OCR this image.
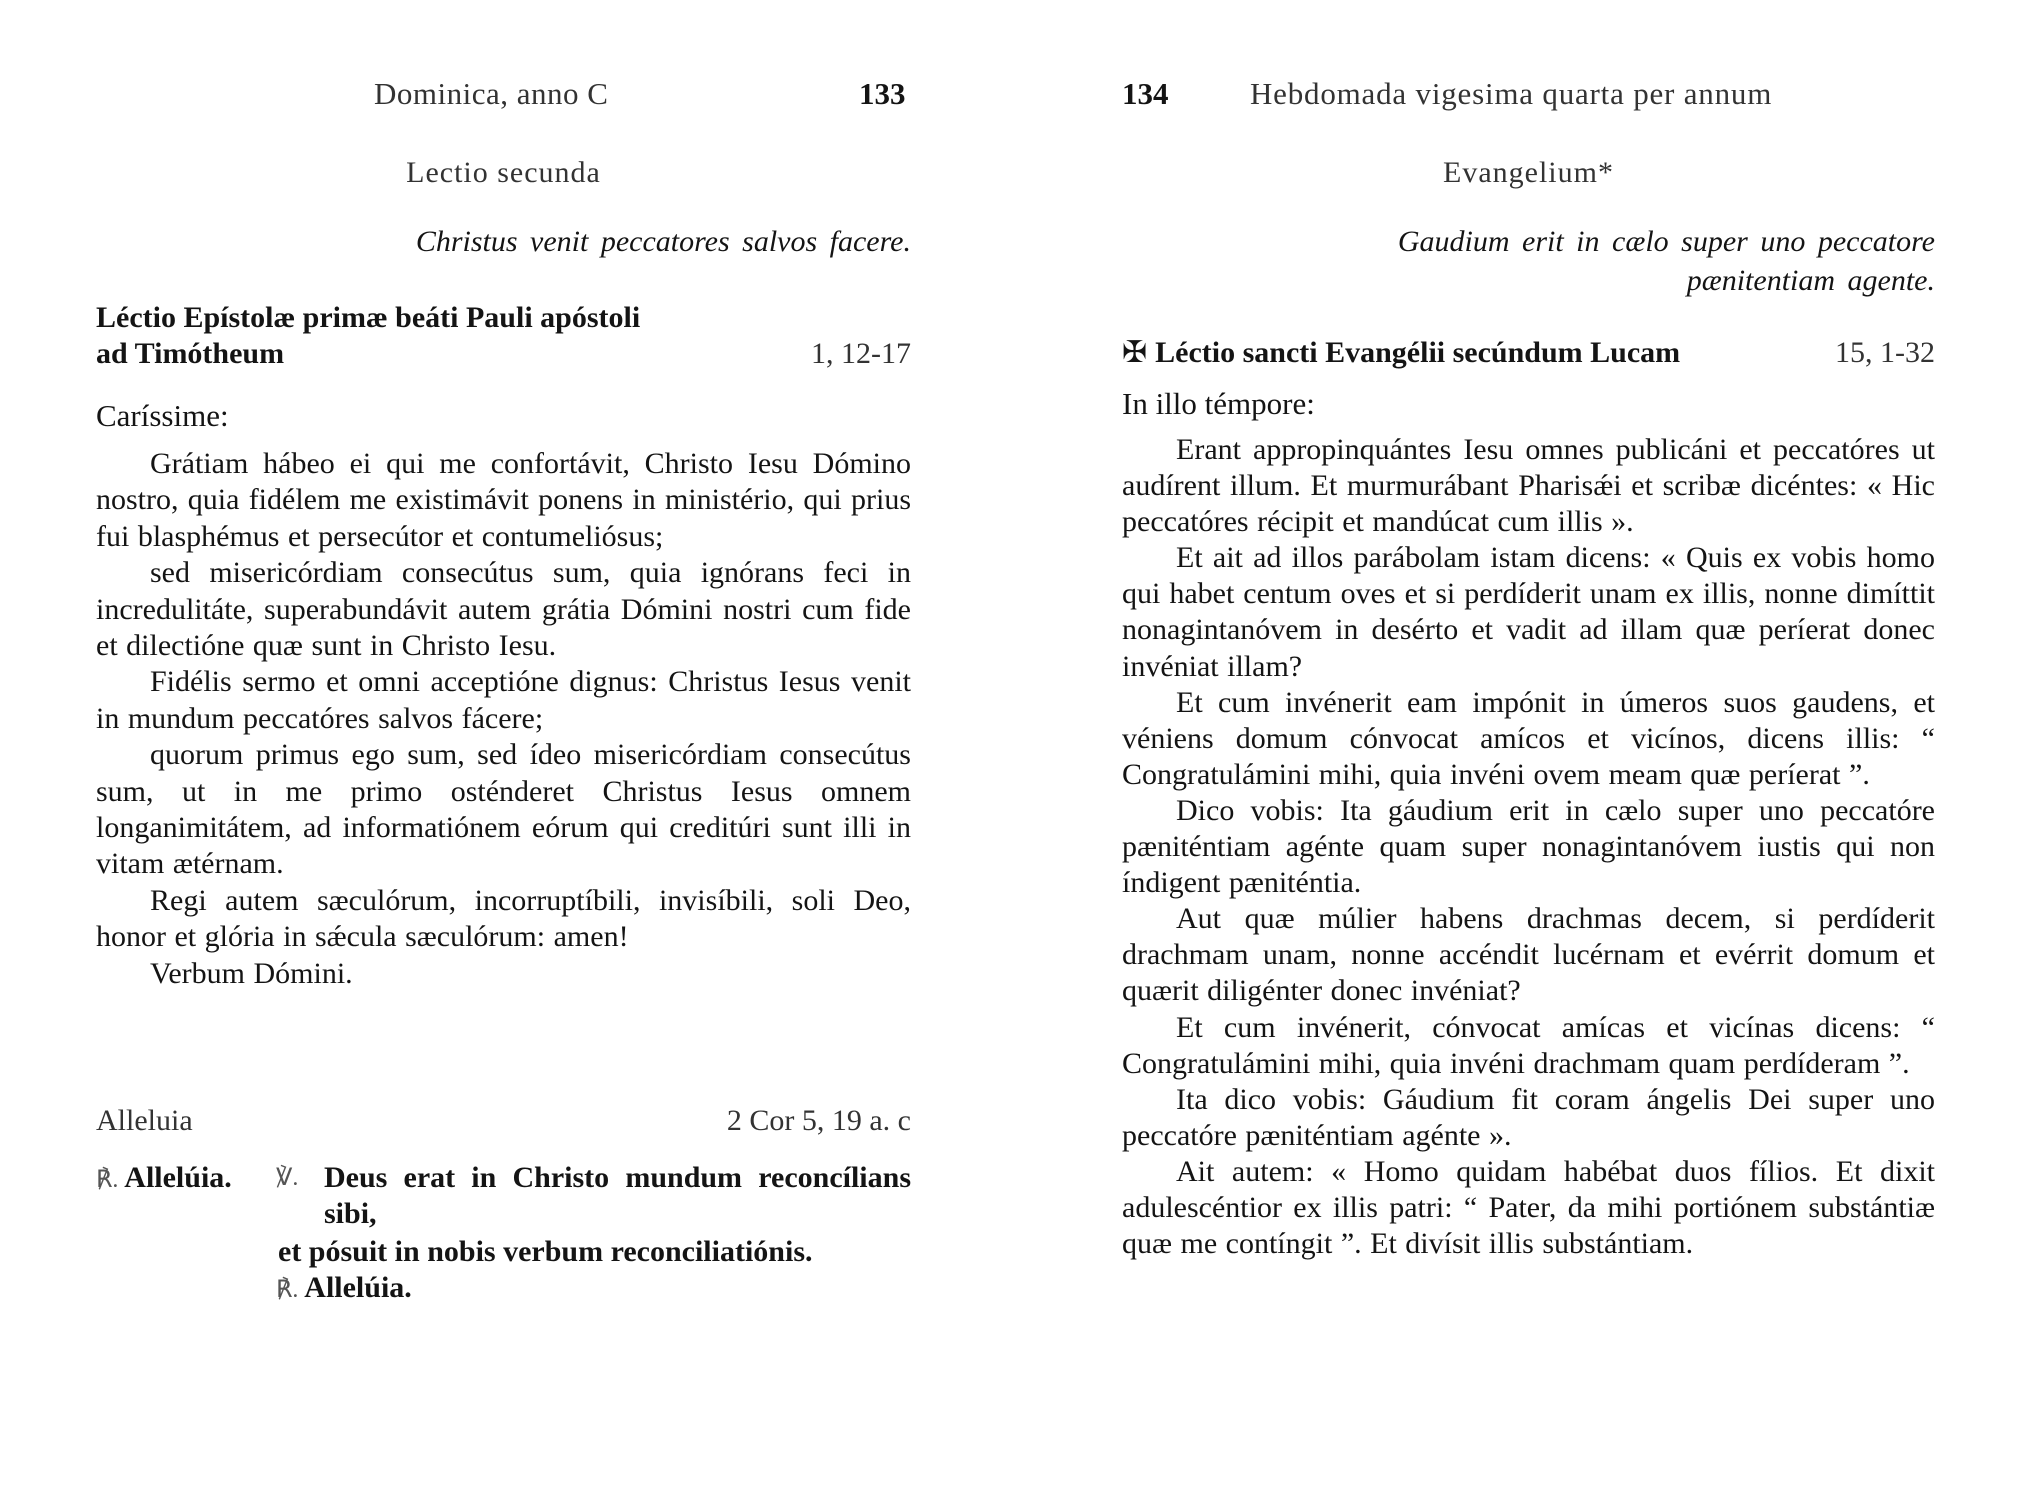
Dominica, anno C	133
Lectio secunda
Christus venit peccatores salvos facere.
Léctio Epístolæ primæ beáti Pauli apóstoli
ad Timótheum	1, 12-17
Caríssime:

Grátiam hábeo ei qui me confortávit, Christo Iesu Dómino nostro, quia fidélem me existimávit ponens in ministério, qui prius fui blasphémus et persecútor et contumeliósus;

sed misericórdiam consecútus sum, quia ignórans feci in incredulitáte, superabundávit autem grátia Dómini nostri cum fide et dilectióne quæ sunt in Christo Iesu.

Fidélis sermo et omni acceptióne dignus: Christus Iesus venit in mundum peccatóres salvos fácere;

quorum primus ego sum, sed ídeo misericórdiam consecútus sum, ut in me primo osténderet Christus Iesus omnem longanimitátem, ad informatiónem eórum qui creditúri sunt illi in vitam ætérnam.

Regi autem sæculórum, incorruptíbili, invisíbili, soli Deo, honor et glória in sǽcula sæculórum: amen!

Verbum Dómini.

Alleluia	2 Cor 5, 19 a. c
℟. Allelúia. ℣. Deus erat in Christo mundum reconcílians sibi,
et pósuit in nobis verbum reconciliatiónis.
℟. Allelúia.
134	Hebdomada vigesima quarta per annum
Evangelium*
Gaudium erit in cælo super uno peccatore
pænitentiam agente.
✠ Léctio sancti Evangélii secúndum Lucam	15, 1-32
In illo témpore:

Erant appropinquántes Iesu omnes publicáni et peccatóres ut audírent illum. Et murmurábant Pharisǽi et scribæ dicéntes: « Hic peccatóres récipit et mandúcat cum illis ».

Et ait ad illos parábolam istam dicens: « Quis ex vobis homo qui habet centum oves et si perdíderit unam ex illis, nonne dimíttit nonagintanóvem in desérto et vadit ad illam quæ períerat donec invéniat illam?

Et cum invénerit eam impónit in úmeros suos gaudens, et véniens domum cónvocat amícos et vicínos, dicens illis: “ Congratulámini mihi, quia invéni ovem meam quæ períerat ”.

Dico vobis: Ita gáudium erit in cælo super uno peccatóre pæniténtiam agénte quam super nonagintanóvem iustis qui non índigent pæniténtia.

Aut quæ múlier habens drachmas decem, si perdíderit drachmam unam, nonne accéndit lucérnam et evérrit domum et quærit diligénter donec invéniat?

Et cum invénerit, cónvocat amícas et vicínas dicens: “ Congratulámini mihi, quia invéni drachmam quam perdíderam ”.

Ita dico vobis: Gáudium fit coram ángelis Dei super uno peccatóre pæniténtiam agénte ».

Ait autem: « Homo quidam habébat duos fílios. Et dixit adulescéntior ex illis patri: “ Pater, da mihi portiónem substántiæ quæ me contíngit ”. Et divísit illis substántiam.
